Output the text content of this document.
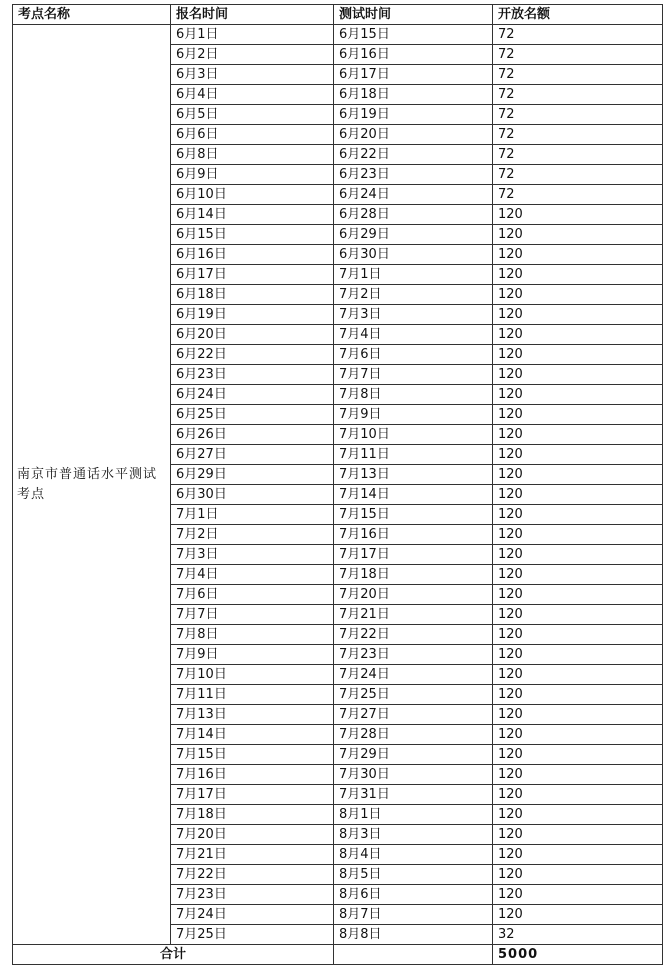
考点名称	报名时间	测试时间	开放名额
南京市普通话水平测试考点	6月1日	6月15日	72
	6月2日	6月16日	72
	6月3日	6月17日	72
	6月4日	6月18日	72
	6月5日	6月19日	72
	6月6日	6月20日	72
	6月8日	6月22日	72
	6月9日	6月23日	72
	6月10日	6月24日	72
	6月14日	6月28日	120
	6月15日	6月29日	120
	6月16日	6月30日	120
	6月17日	7月1日	120
	6月18日	7月2日	120
	6月19日	7月3日	120
	6月20日	7月4日	120
	6月22日	7月6日	120
	6月23日	7月7日	120
	6月24日	7月8日	120
	6月25日	7月9日	120
	6月26日	7月10日	120
	6月27日	7月11日	120
	6月29日	7月13日	120
	6月30日	7月14日	120
	7月1日	7月15日	120
	7月2日	7月16日	120
	7月3日	7月17日	120
	7月4日	7月18日	120
	7月6日	7月20日	120
	7月7日	7月21日	120
	7月8日	7月22日	120
	7月9日	7月23日	120
	7月10日	7月24日	120
	7月11日	7月25日	120
	7月13日	7月27日	120
	7月14日	7月28日	120
	7月15日	7月29日	120
	7月16日	7月30日	120
	7月17日	7月31日	120
	7月18日	8月1日	120
	7月20日	8月3日	120
	7月21日	8月4日	120
	7月22日	8月5日	120
	7月23日	8月6日	120
	7月24日	8月7日	120
	7月25日	8月8日	32
合计			5000
